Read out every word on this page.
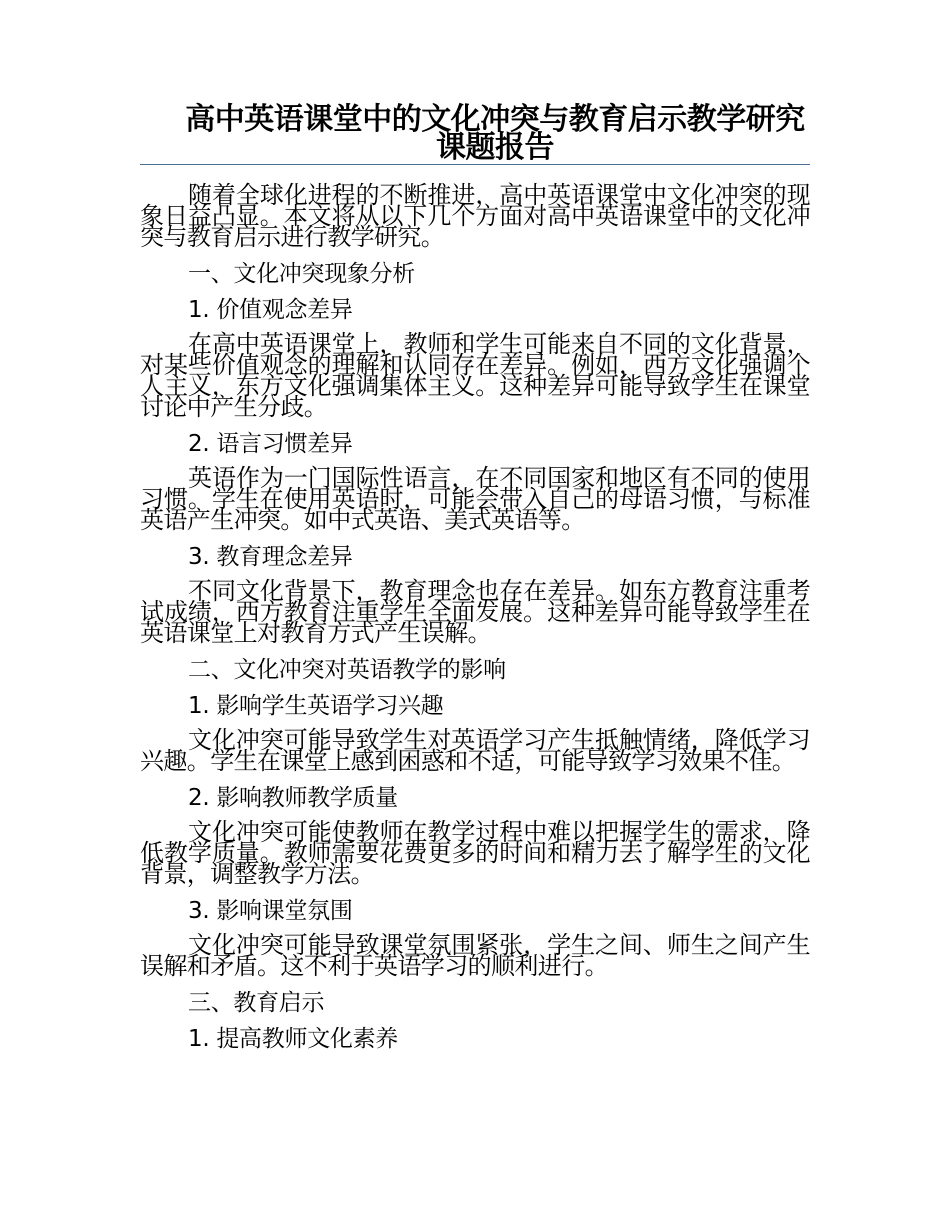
高中英语课堂中的文化冲突与教育启示教学研究课题报告

随着全球化进程的不断推进，高中英语课堂中文化冲突的现象日益凸显。本文将从以下几个方面对高中英语课堂中的文化冲突与教育启示进行教学研究。

一、文化冲突现象分析
1. 价值观念差异

在高中英语课堂上，教师和学生可能来自不同的文化背景，对某些价值观念的理解和认同存在差异。例如，西方文化强调个人主义，东方文化强调集体主义。这种差异可能导致学生在课堂讨论中产生分歧。

2. 语言习惯差异

英语作为一门国际性语言，在不同国家和地区有不同的使用习惯。学生在使用英语时，可能会带入自己的母语习惯，与标准英语产生冲突。如中式英语、美式英语等。

3. 教育理念差异

不同文化背景下，教育理念也存在差异。如东方教育注重考试成绩，西方教育注重学生全面发展。这种差异可能导致学生在英语课堂上对教育方式产生误解。

二、文化冲突对英语教学的影响
1. 影响学生英语学习兴趣

文化冲突可能导致学生对英语学习产生抵触情绪，降低学习兴趣。学生在课堂上感到困惑和不适，可能导致学习效果不佳。

2. 影响教师教学质量

文化冲突可能使教师在教学过程中难以把握学生的需求，降低教学质量。教师需要花费更多的时间和精力去了解学生的文化背景，调整教学方法。

3. 影响课堂氛围

文化冲突可能导致课堂氛围紧张，学生之间、师生之间产生误解和矛盾。这不利于英语学习的顺利进行。

三、教育启示
1. 提高教师文化素养
